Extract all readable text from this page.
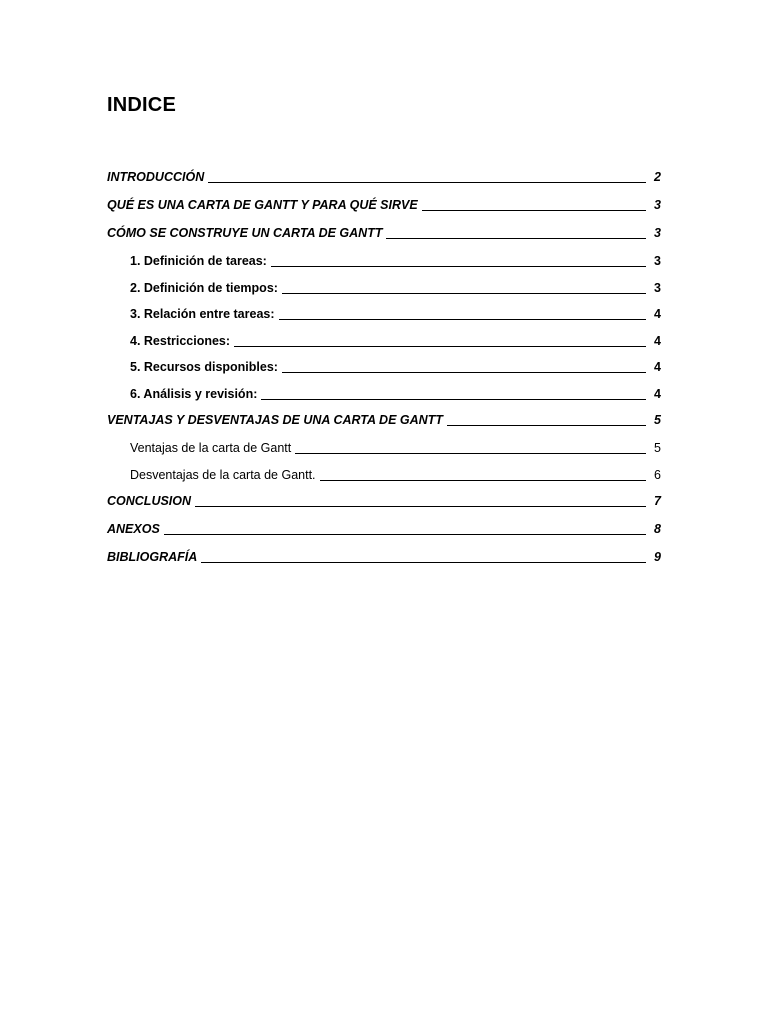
INDICE
INTRODUCCIÓN	2
QUÉ ES UNA CARTA DE GANTT Y PARA QUÉ SIRVE	3
CÓMO SE CONSTRUYE UN CARTA DE GANTT	3
1. Definición de tareas:	3
2. Definición de tiempos:	3
3. Relación entre tareas:	4
4. Restricciones:	4
5. Recursos disponibles:	4
6. Análisis y revisión:	4
VENTAJAS Y DESVENTAJAS DE UNA CARTA DE GANTT	5
Ventajas de la carta de Gantt	5
Desventajas de la carta de Gantt.	6
CONCLUSION	7
ANEXOS	8
BIBLIOGRAFÍA	9
